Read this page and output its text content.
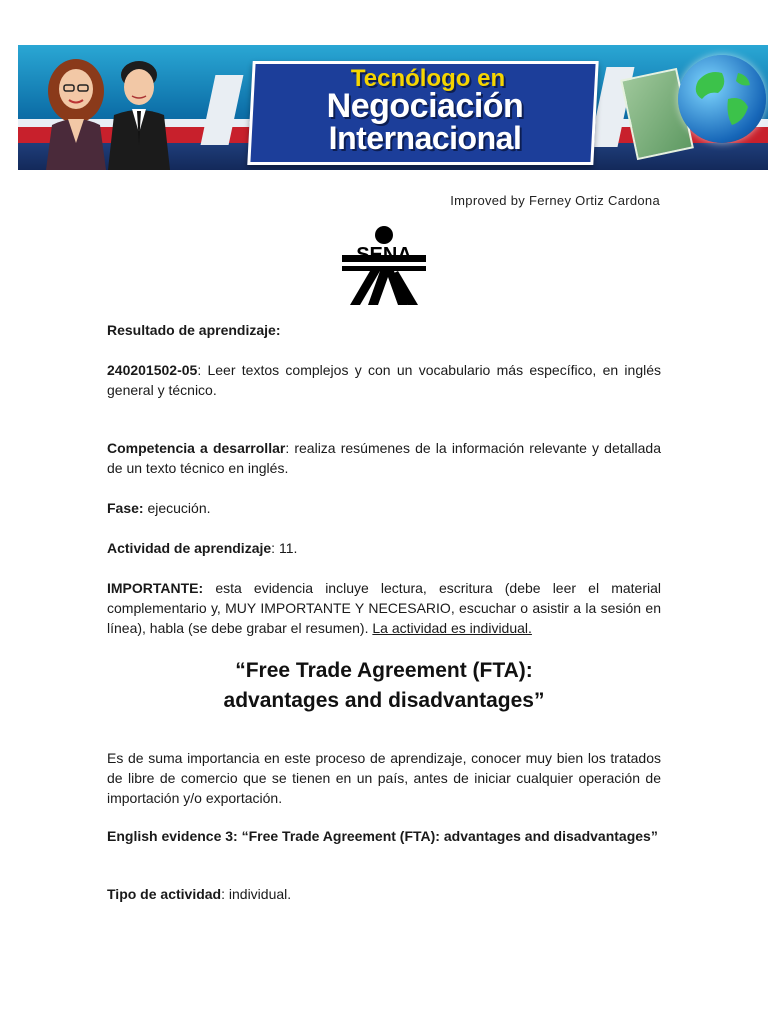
Tecnólogo en
Negociación
Internacional
Improved by Ferney Ortiz Cardona
SENA

Resultado de aprendizaje:

240201502-05: Leer textos complejos y con un vocabulario más específico, en inglés general y técnico.

Competencia a desarrollar: realiza resúmenes de la información relevante y detallada de un texto técnico en inglés.

Fase: ejecución.

Actividad de aprendizaje: 11.

IMPORTANTE: esta evidencia incluye lectura, escritura (debe leer el material complementario y, MUY IMPORTANTE Y NECESARIO, escuchar o asistir a la sesión en línea), habla (se debe grabar el resumen). La actividad es individual.

“Free Trade Agreement (FTA):
advantages and disadvantages”

Es de suma importancia en este proceso de aprendizaje, conocer muy bien los tratados de libre de comercio que se tienen en un país, antes de iniciar cualquier operación de importación y/o exportación.

English evidence 3: “Free Trade Agreement (FTA): advantages and disadvantages”

Tipo de actividad: individual.
